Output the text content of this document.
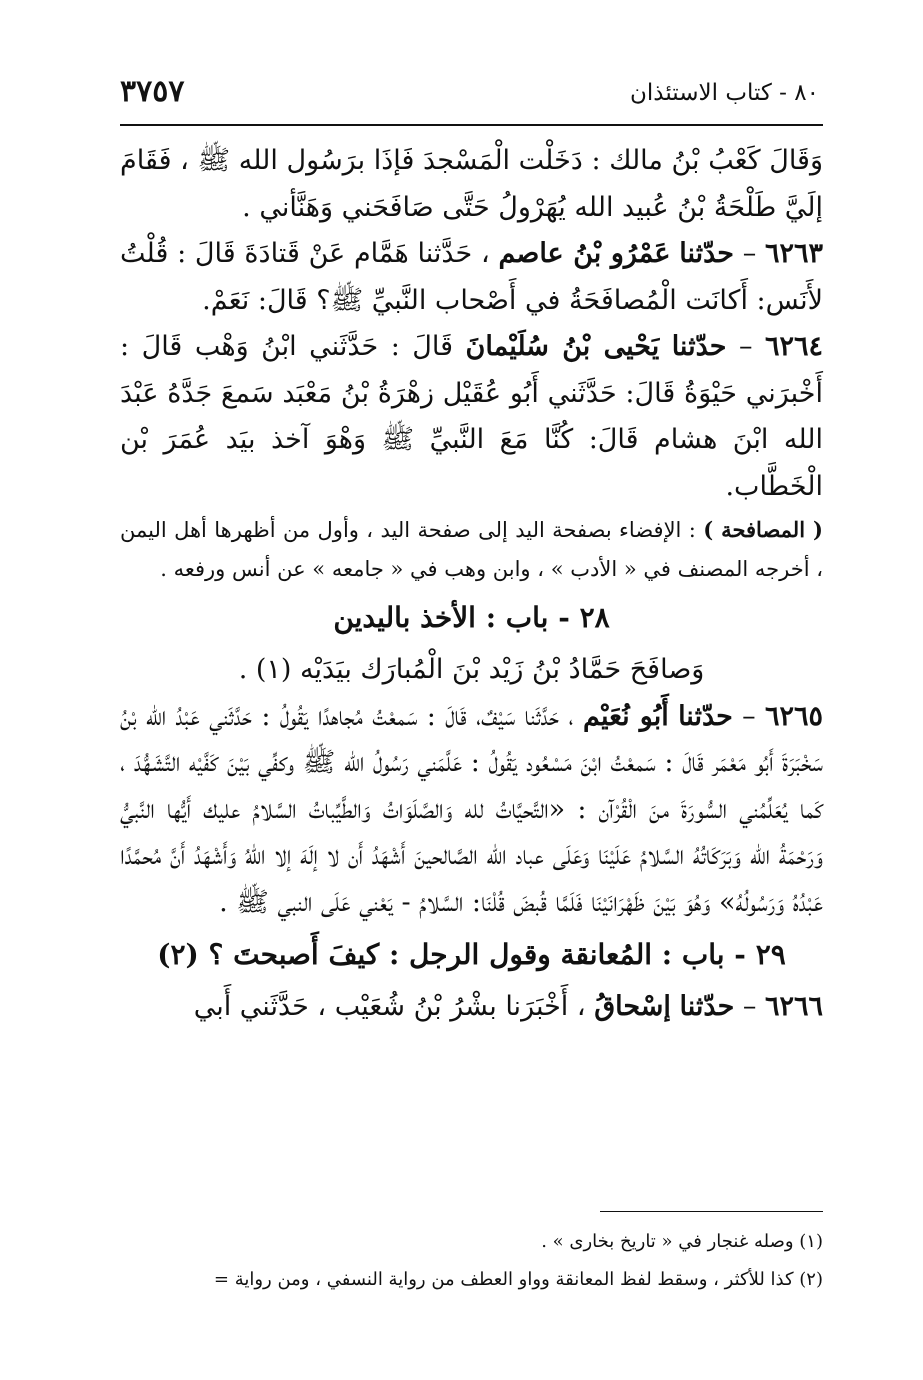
٣٧٥٧	٨٠ - كتاب الاستئذان

وَقَالَ كَعْبُ بْنُ مالك : دَخَلْت الْمَسْجدَ فَإذَا برَسُول الله ﷺ ، فَقَامَ إلَيَّ طَلْحَةُ بْنُ عُبيد الله يُهَرْولُ حَتَّى صَافَحَني وَهَنَّأني .

٦٢٦٣ – حدّثنا عَمْرُو بْنُ عاصم ، حَدَّثنا هَمَّام عَنْ قَتادَةَ قَالَ : قُلْتُ لأَنَس: أَكانَت الْمُصافَحَةُ في أَصْحاب النَّبيِّ ﷺ؟ قَالَ: نَعَمْ.

٦٢٦٤ – حدّثنا يَحْيى بْنُ سُلَيْمانَ قَالَ : حَدَّثَني ابْنُ وَهْب قَالَ : أَخْبرَني حَيْوَةُ قَالَ: حَدَّثَني أَبُو عُقَيْل زهْرَةُ بْنُ مَعْبَد سَمعَ جَدَّهُ عَبْدَ الله ابْنَ هشام قَالَ: كُنَّا مَعَ النَّبيِّ ﷺ وَهْوَ آخذ بيَد عُمَرَ بْن الْخَطَّاب.

( المصافحة ) : الإفضاء بصفحة اليد إلى صفحة اليد ، وأول من أظهرها أهل اليمن ، أخرجه المصنف في « الأدب » ، وابن وهب في « جامعه » عن أنس ورفعه .

٢٨ - باب : الأخذ باليدين

وَصافَحَ حَمَّادُ بْنُ زَيْد بْنَ الْمُبارَك بيَدَيْه (١) .

٦٢٦٥ – حدّثنا أَبُو نُعَيْم ، حَدَّثَنا سَيْفٌ، قَالَ : سَمعْتُ مُجاهدًا يَقُولُ : حَدَّثَني عَبْدُ الله بْنُ سَخْبَرَةَ أَبُو مَعْمَر قَالَ : سَمعْتُ ابْنَ مَسْعُود يَقُولُ : عَلَّمَني رَسُولُ الله ﷺ وكفِّي بَيْنَ كَفَّيْه التَّشَهُّدَ ، كَما يُعَلِّمُني السُّورَةَ منَ الْقُرْآن : «التَّحيَّاتُ لله وَالصَّلَوَاتُ وَالطَّيِّباتُ السَّلامُ عليك أَيُّها النَّبيُّ وَرَحْمَةُ الله وَبَرَكَاتُهُ السَّلامُ عَلَيْنَا وَعَلَى عباد الله الصَّالحينَ أَشْهَدُ أَن لا إلَهَ إلا اللهُ وَأَشْهَدُ أَنَّ مُحمَّدًا عَبْدُهُ وَرَسُولُهُ» وَهُوَ بَيْنَ ظَهْرَانَيْنَا فَلَمَّا قُبضَ قُلْنَا: السَّلامُ - يَعْني عَلَى النبي ﷺ .

٢٩ - باب : المُعانقة وقول الرجل : كيفَ أَصبحتَ ؟ (٢)

٦٢٦٦ – حدّثنا إسْحاقُ ، أَخْبَرَنا بشْرُ بْنُ شُعَيْب ، حَدَّثَني أَبي

(١) وصله غنجار في « تاريخ بخارى » .

(٢) كذا للأكثر ، وسقط لفظ المعانقة وواو العطف من رواية النسفي ، ومن رواية =
